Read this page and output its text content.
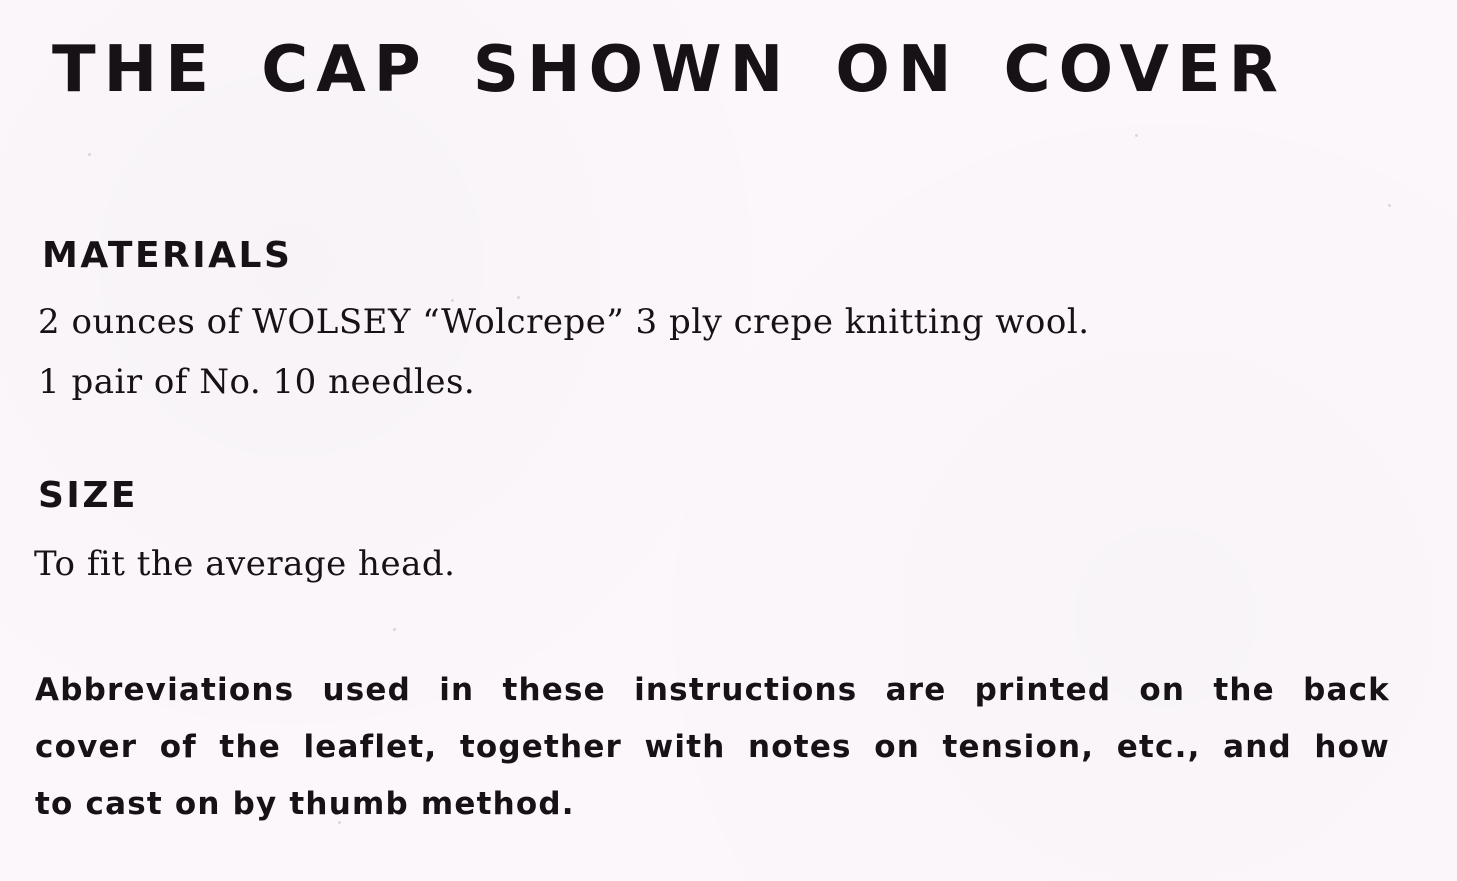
THE CAP SHOWN ON COVER
MATERIALS

2 ounces of WOLSEY “Wolcrepe” 3 ply crepe knitting wool.

1 pair of No. 10 needles.

SIZE

To fit the average head.

Abbreviations used in these instructions are printed on the back
cover of the leaflet, together with notes on tension, etc., and how
to cast on by thumb method.
